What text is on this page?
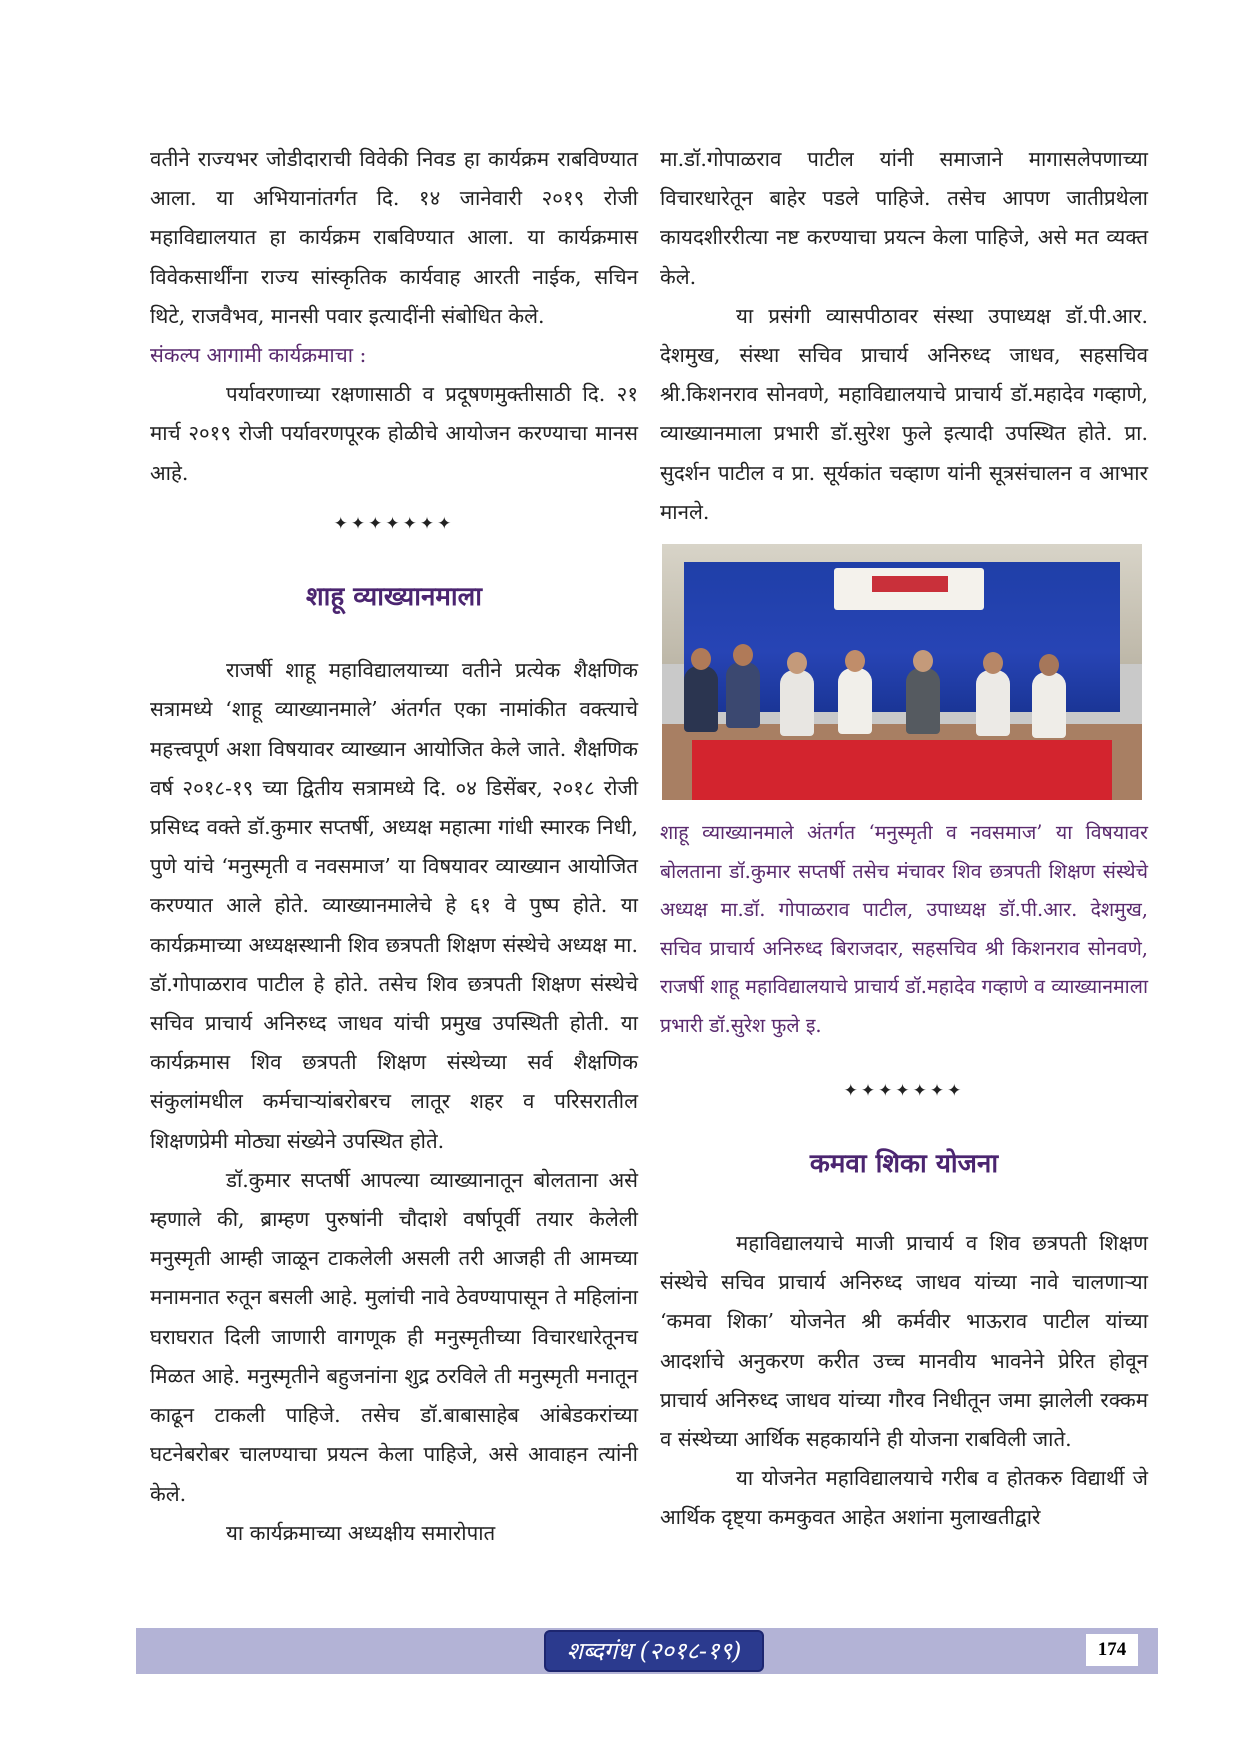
वतीने राज्यभर जोडीदाराची विवेकी निवड हा कार्यक्रम राबविण्यात आला. या अभियानांतर्गत दि. १४ जानेवारी २०१९ रोजी महाविद्यालयात हा कार्यक्रम राबविण्यात आला. या कार्यक्रमास विवेकसार्थींना राज्य सांस्कृतिक कार्यवाह आरती नाईक, सचिन थिटे, राजवैभव, मानसी पवार इत्यादींनी संबोधित केले.

संकल्प आगामी कार्यक्रमाचा :

पर्यावरणाच्या रक्षणासाठी व प्रदूषणमुक्तीसाठी दि. २१ मार्च २०१९ रोजी पर्यावरणपूरक होळीचे आयोजन करण्याचा मानस आहे.

✦✦✦✦✦✦✦

शाहू व्याख्यानमाला

राजर्षी शाहू महाविद्यालयाच्या वतीने प्रत्येक शैक्षणिक सत्रामध्ये ‘शाहू व्याख्यानमाले’ अंतर्गत एका नामांकीत वक्त्याचे महत्त्वपूर्ण अशा विषयावर व्याख्यान आयोजित केले जाते. शैक्षणिक वर्ष २०१८-१९ च्या द्वितीय सत्रामध्ये दि. ०४ डिसेंबर, २०१८ रोजी प्रसिध्द वक्ते डॉ.कुमार सप्तर्षी, अध्यक्ष महात्मा गांधी स्मारक निधी, पुणे यांचे ‘मनुस्मृती व नवसमाज’ या विषयावर व्याख्यान आयोजित करण्यात आले होते. व्याख्यानमालेचे हे ६१ वे पुष्प होते. या कार्यक्रमाच्या अध्यक्षस्थानी शिव छत्रपती शिक्षण संस्थेचे अध्यक्ष मा. डॉ.गोपाळराव पाटील हे होते. तसेच शिव छत्रपती शिक्षण संस्थेचे सचिव प्राचार्य अनिरुध्द जाधव यांची प्रमुख उपस्थिती होती. या कार्यक्रमास शिव छत्रपती शिक्षण संस्थेच्या सर्व शैक्षणिक संकुलांमधील कर्मचाऱ्यांबरोबरच लातूर शहर व परिसरातील शिक्षणप्रेमी मोठ्या संख्येने उपस्थित होते.

डॉ.कुमार सप्तर्षी आपल्या व्याख्यानातून बोलताना असे म्हणाले की, ब्राम्हण पुरुषांनी चौदाशे वर्षापूर्वी तयार केलेली मनुस्मृती आम्ही जाळून टाकलेली असली तरी आजही ती आमच्या मनामनात रुतून बसली आहे. मुलांची नावे ठेवण्यापासून ते महिलांना घराघरात दिली जाणारी वागणूक ही मनुस्मृतीच्या विचारधारेतूनच मिळत आहे. मनुस्मृतीने बहुजनांना शुद्र ठरविले ती मनुस्मृती मनातून काढून टाकली पाहिजे. तसेच डॉ.बाबासाहेब आंबेडकरांच्या घटनेबरोबर चालण्याचा प्रयत्न केला पाहिजे, असे आवाहन त्यांनी केले.

या कार्यक्रमाच्या अध्यक्षीय समारोपात

मा.डॉ.गोपाळराव पाटील यांनी समाजाने मागासलेपणाच्या विचारधारेतून बाहेर पडले पाहिजे. तसेच आपण जातीप्रथेला कायदशीररीत्या नष्ट करण्याचा प्रयत्न केला पाहिजे, असे मत व्यक्त केले.

या प्रसंगी व्यासपीठावर संस्था उपाध्यक्ष डॉ.पी.आर. देशमुख, संस्था सचिव प्राचार्य अनिरुध्द जाधव, सहसचिव श्री.किशनराव सोनवणे, महाविद्यालयाचे प्राचार्य डॉ.महादेव गव्हाणे, व्याख्यानमाला प्रभारी डॉ.सुरेश फुले इत्यादी उपस्थित होते. प्रा. सुदर्शन पाटील व प्रा. सूर्यकांत चव्हाण यांनी सूत्रसंचालन व आभार मानले.

शाहू व्याख्यानमाले अंतर्गत ‘मनुस्मृती व नवसमाज’ या विषयावर बोलताना डॉ.कुमार सप्तर्षी तसेच मंचावर शिव छत्रपती शिक्षण संस्थेचे अध्यक्ष मा.डॉ. गोपाळराव पाटील, उपाध्यक्ष डॉ.पी.आर. देशमुख, सचिव प्राचार्य अनिरुध्द बिराजदार, सहसचिव श्री किशनराव सोनवणे, राजर्षी शाहू महाविद्यालयाचे प्राचार्य डॉ.महादेव गव्हाणे व व्याख्यानमाला प्रभारी डॉ.सुरेश फुले इ.

✦✦✦✦✦✦✦

कमवा शिका योजना

महाविद्यालयाचे माजी प्राचार्य व शिव छत्रपती शिक्षण संस्थेचे सचिव प्राचार्य अनिरुध्द जाधव यांच्या नावे चालणाऱ्या ‘कमवा शिका’ योजनेत श्री कर्मवीर भाऊराव पाटील यांच्या आदर्शाचे अनुकरण करीत उच्च मानवीय भावनेने प्रेरित होवून प्राचार्य अनिरुध्द जाधव यांच्या गौरव निधीतून जमा झालेली रक्कम व संस्थेच्या आर्थिक सहकार्याने ही योजना राबविली जाते.

या योजनेत महाविद्यालयाचे गरीब व होतकरु विद्यार्थी जे आर्थिक दृष्ट्या कमकुवत आहेत अशांना मुलाखतीद्वारे

शब्दगंध (२०१८-१९)	174
